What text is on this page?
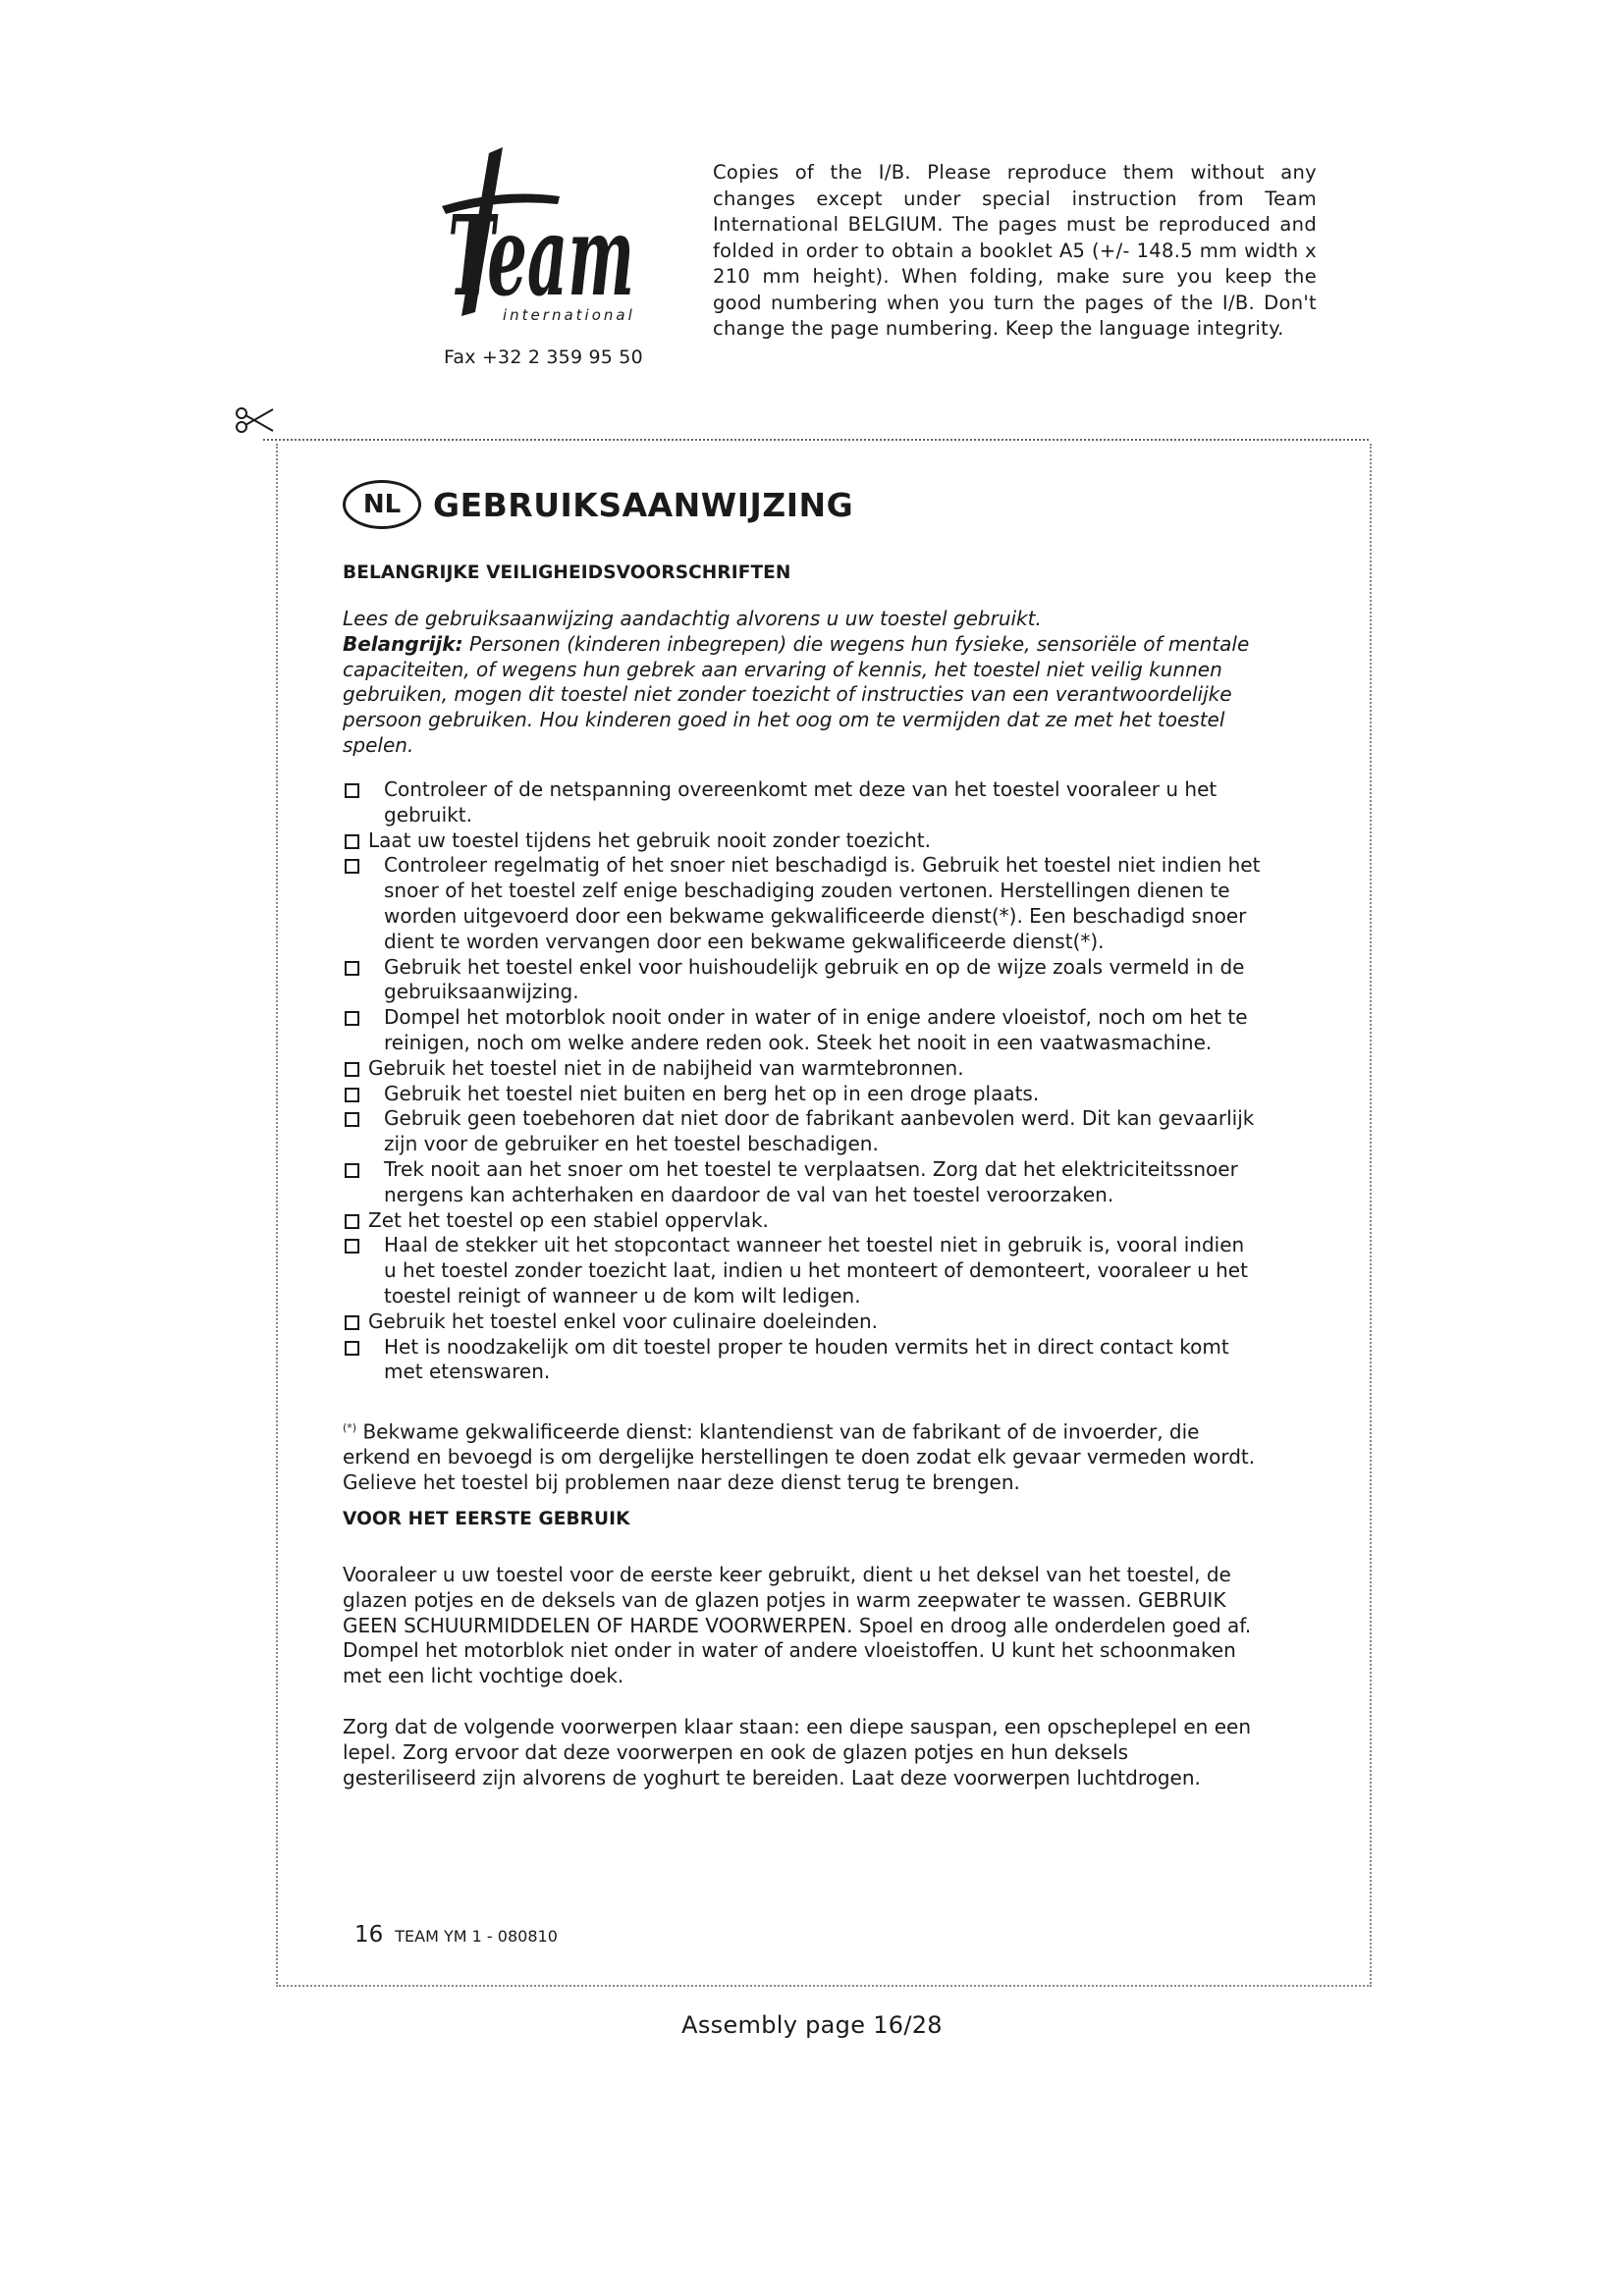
Team
international
Fax +32 2 359 95 50
Copies of the I/B. Please reproduce them without any changes except under special instruction from Team International BELGIUM. The pages must be reproduced and folded in order to obtain a booklet A5 (+/- 148.5 mm width x 210 mm height). When folding, make sure you keep the good numbering when you turn the pages of the I/B. Don't change the page numbering. Keep the language integrity.
NL GEBRUIKSAANWIJZING
BELANGRIJKE VEILIGHEIDSVOORSCHRIFTEN
Lees de gebruiksaanwijzing aandachtig alvorens u uw toestel gebruikt.
Belangrijk: Personen (kinderen inbegrepen) die wegens hun fysieke, sensoriële of mentale capaciteiten, of wegens hun gebrek aan ervaring of kennis, het toestel niet veilig kunnen gebruiken, mogen dit toestel niet zonder toezicht of instructies van een verantwoordelijke persoon gebruiken. Hou kinderen goed in het oog om te vermijden dat ze met het toestel spelen.
Controleer of de netspanning overeenkomt met deze van het toestel vooraleer u het gebruikt.
Laat uw toestel tijdens het gebruik nooit zonder toezicht.
Controleer regelmatig of het snoer niet beschadigd is. Gebruik het toestel niet indien het snoer of het toestel zelf enige beschadiging zouden vertonen. Herstellingen dienen te worden uitgevoerd door een bekwame gekwalificeerde dienst(*). Een beschadigd snoer dient te worden vervangen door een bekwame gekwalificeerde dienst(*).
Gebruik het toestel enkel voor huishoudelijk gebruik en op de wijze zoals vermeld in de gebruiksaanwijzing.
Dompel het motorblok nooit onder in water of in enige andere vloeistof, noch om het te reinigen, noch om welke andere reden ook. Steek het nooit in een vaatwasmachine.
Gebruik het toestel niet in de nabijheid van warmtebronnen.
Gebruik het toestel niet buiten en berg het op in een droge plaats.
Gebruik geen toebehoren dat niet door de fabrikant aanbevolen werd. Dit kan gevaarlijk zijn voor de gebruiker en het toestel beschadigen.
Trek nooit aan het snoer om het toestel te verplaatsen. Zorg dat het elektriciteitssnoer nergens kan achterhaken en daardoor de val van het toestel veroorzaken.
Zet het toestel op een stabiel oppervlak.
Haal de stekker uit het stopcontact wanneer het toestel niet in gebruik is, vooral indien u het toestel zonder toezicht laat, indien u het monteert of demonteert, vooraleer u het toestel reinigt of wanneer u de kom wilt ledigen.
Gebruik het toestel enkel voor culinaire doeleinden.
Het is noodzakelijk om dit toestel proper te houden vermits het in direct contact komt met etenswaren.
(*) Bekwame gekwalificeerde dienst: klantendienst van de fabrikant of de invoerder, die erkend en bevoegd is om dergelijke herstellingen te doen zodat elk gevaar vermeden wordt. Gelieve het toestel bij problemen naar deze dienst terug te brengen.
VOOR HET EERSTE GEBRUIK
Vooraleer u uw toestel voor de eerste keer gebruikt, dient u het deksel van het toestel, de glazen potjes en de deksels van de glazen potjes in warm zeepwater te wassen. GEBRUIK GEEN SCHUURMIDDELEN OF HARDE VOORWERPEN. Spoel en droog alle onderdelen goed af. Dompel het motorblok niet onder in water of andere vloeistoffen. U kunt het schoonmaken met een licht vochtige doek.
Zorg dat de volgende voorwerpen klaar staan: een diepe sauspan, een opscheplepel en een lepel. Zorg ervoor dat deze voorwerpen en ook de glazen potjes en hun deksels gesteriliseerd zijn alvorens de yoghurt te bereiden. Laat deze voorwerpen luchtdrogen.
16 TEAM YM 1 - 080810
Assembly page 16/28
